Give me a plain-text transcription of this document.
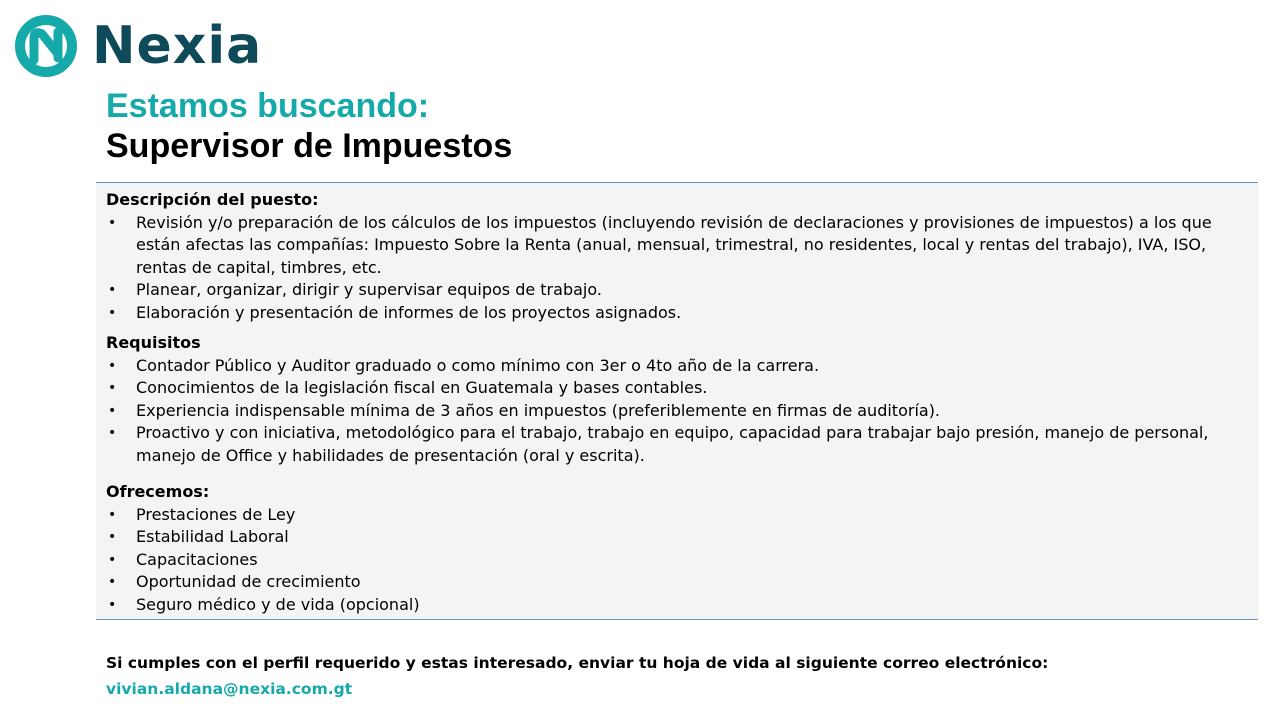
Nexia
Estamos buscando:
Supervisor de Impuestos

Descripción del puesto:

• Revisión y/o preparación de los cálculos de los impuestos (incluyendo revisión de declaraciones y provisiones de impuestos) a los que están afectas las compañías: Impuesto Sobre la Renta (anual, mensual, trimestral, no residentes, local y rentas del trabajo), IVA, ISO, rentas de capital, timbres, etc.
• Planear, organizar, dirigir y supervisar equipos de trabajo.
• Elaboración y presentación de informes de los proyectos asignados.

Requisitos

• Contador Público y Auditor graduado o como mínimo con 3er o 4to año de la carrera.
• Conocimientos de la legislación fiscal en Guatemala y bases contables.
• Experiencia indispensable mínima de 3 años en impuestos (preferiblemente en firmas de auditoría).
• Proactivo y con iniciativa, metodológico para el trabajo, trabajo en equipo, capacidad para trabajar bajo presión, manejo de personal, manejo de Office y habilidades de presentación (oral y escrita).

Ofrecemos:

• Prestaciones de Ley
• Estabilidad Laboral
• Capacitaciones
• Oportunidad de crecimiento
• Seguro médico y de vida (opcional)
Si cumples con el perfil requerido y estas interesado, enviar tu hoja de vida al siguiente correo electrónico:
vivian.aldana@nexia.com.gt
